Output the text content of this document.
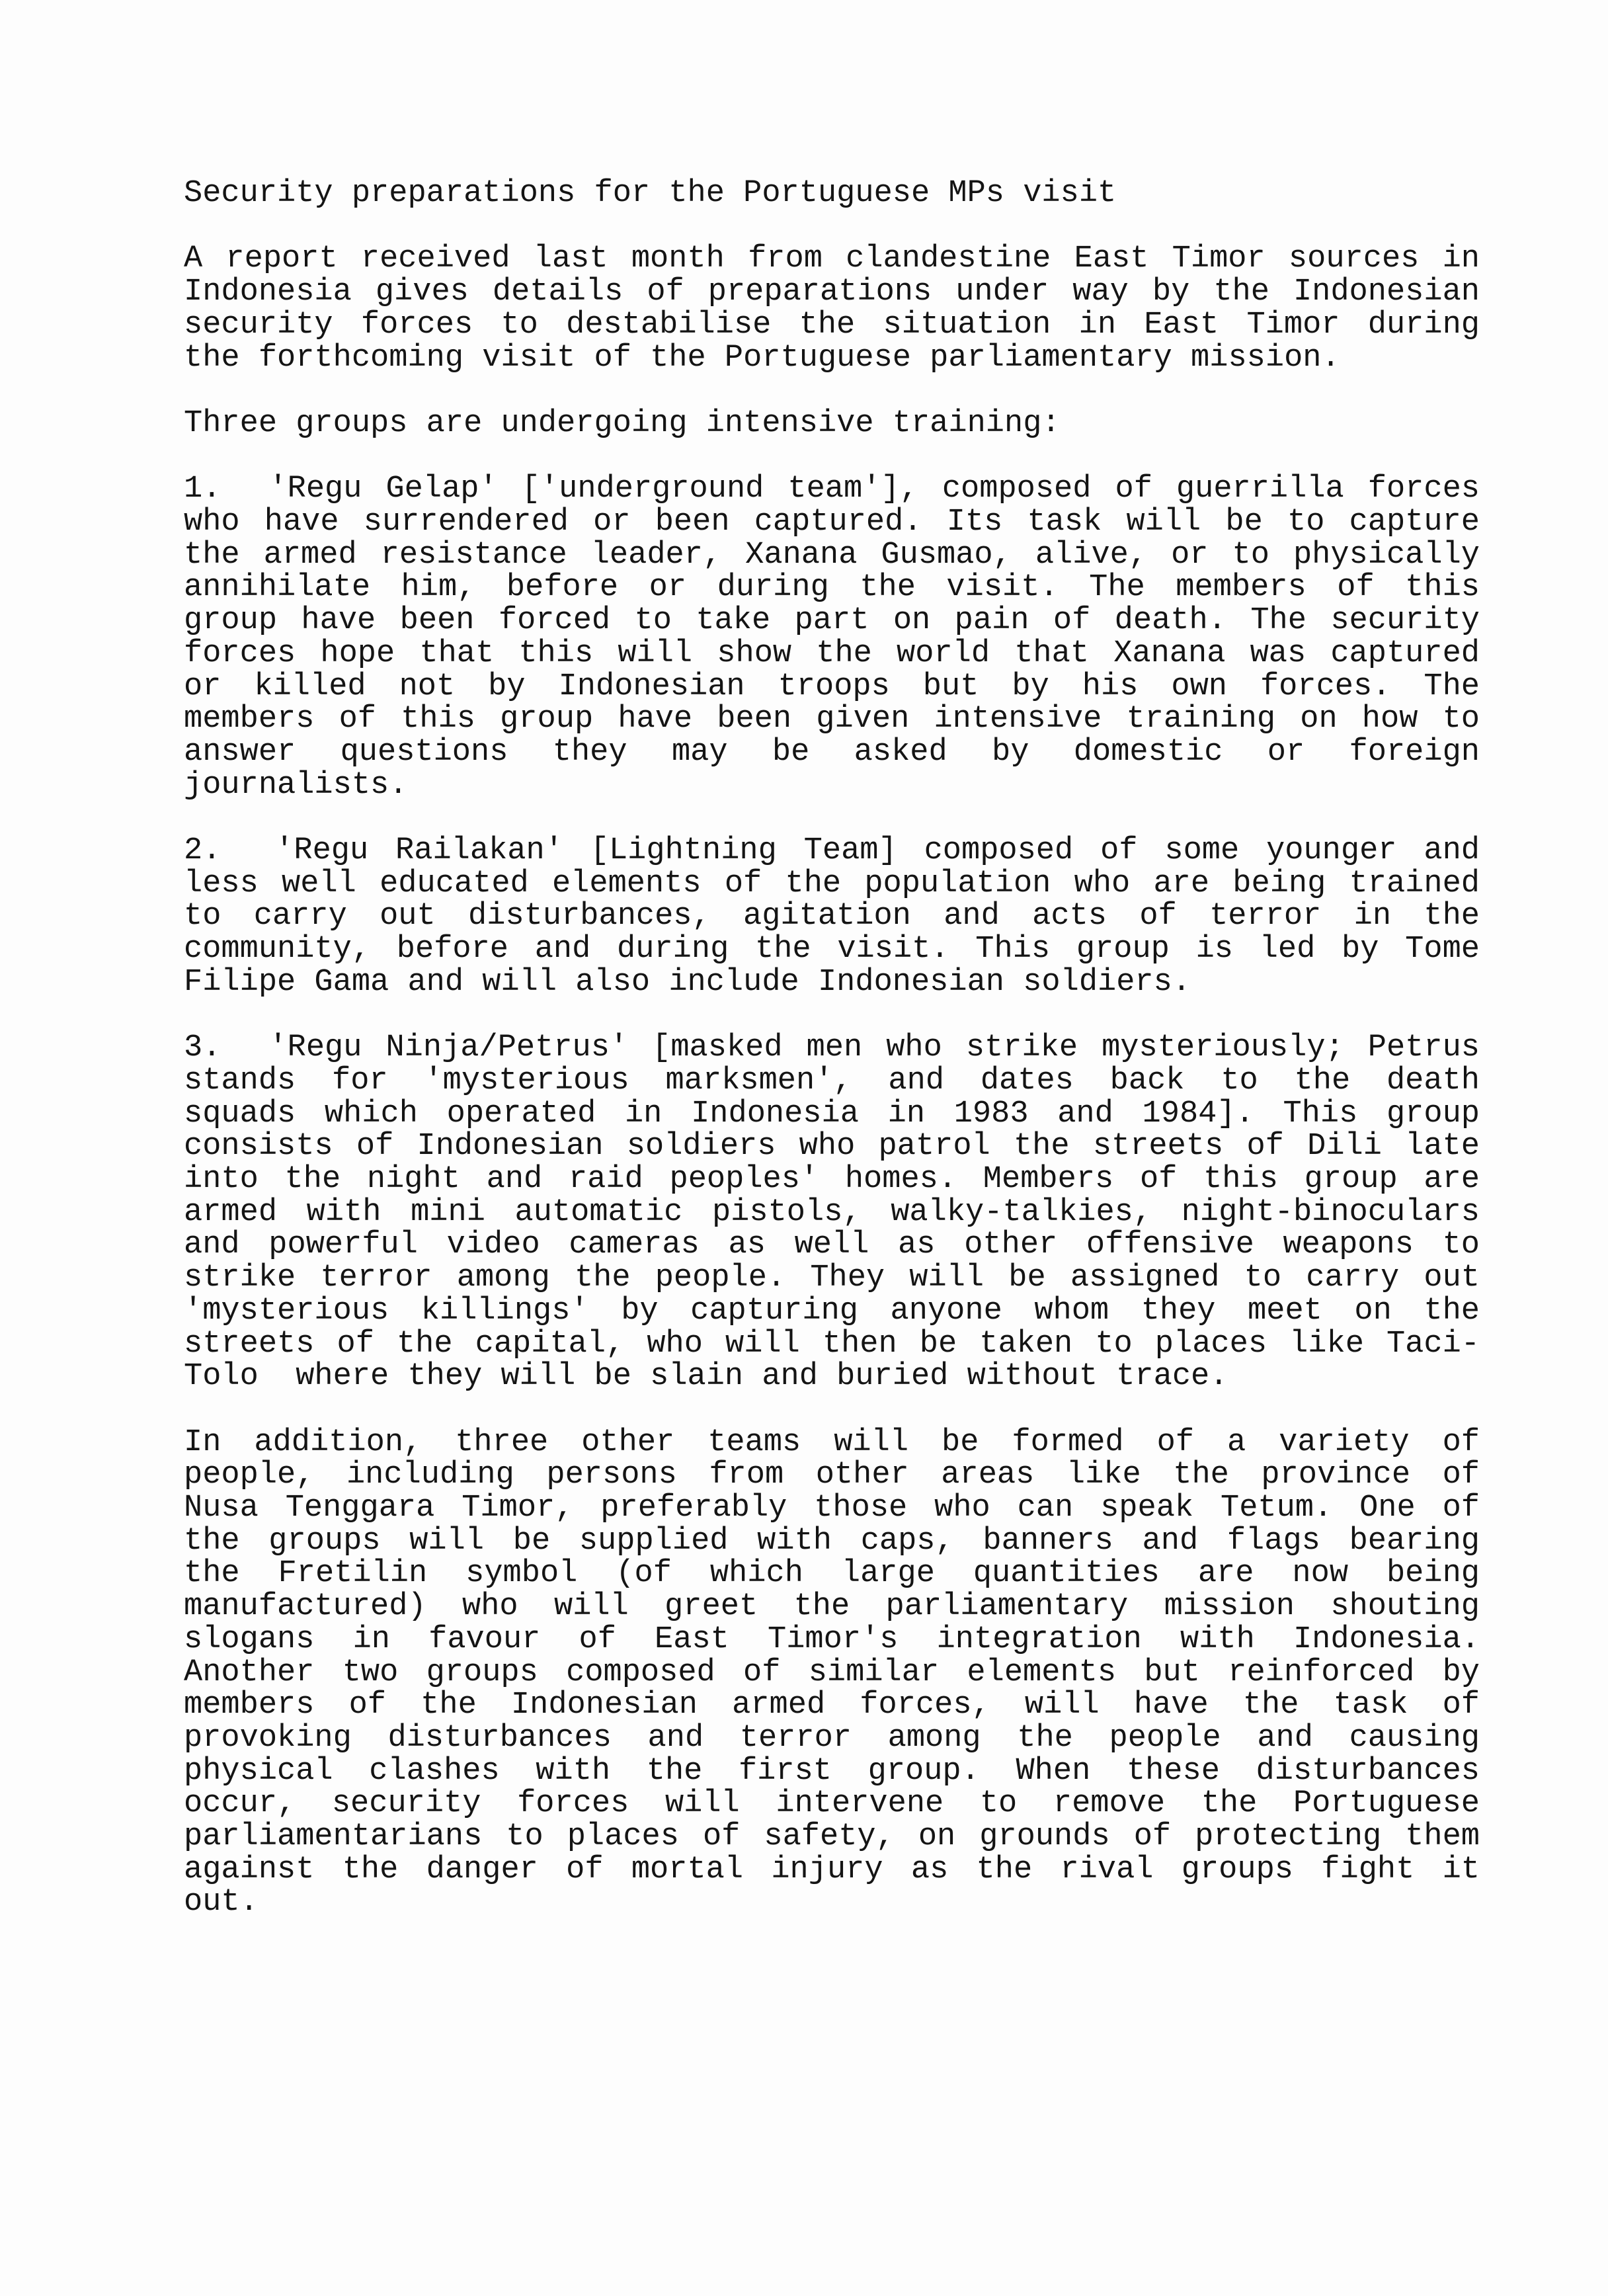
Security preparations for the Portuguese MPs visit
A report received last month from clandestine East Timor sources in
Indonesia gives details of preparations under way by the Indonesian
security forces to destabilise the situation in East Timor during
the forthcoming visit of the Portuguese parliamentary mission.
Three groups are undergoing intensive training:
1.  'Regu Gelap' ['underground team'], composed of guerrilla forces
who have surrendered or been captured. Its task will be to capture
the armed resistance leader, Xanana Gusmao, alive, or to physically
annihilate him, before or during the visit. The members of this
group have been forced to take part on pain of death. The security
forces hope that this will show the world that Xanana was captured
or killed not by Indonesian troops but by his own forces. The
members of this group have been given intensive training on how to
answer questions they may be asked by domestic or foreign
journalists.
2.  'Regu Railakan' [Lightning Team] composed of some younger and
less well educated elements of the population who are being trained
to carry out disturbances, agitation and acts of terror in the
community, before and during the visit. This group is led by Tome
Filipe Gama and will also include Indonesian soldiers.
3.  'Regu Ninja/Petrus' [masked men who strike mysteriously; Petrus
stands for 'mysterious marksmen', and dates back to the death
squads which operated in Indonesia in 1983 and 1984]. This group
consists of Indonesian soldiers who patrol the streets of Dili late
into the night and raid peoples' homes. Members of this group are
armed with mini automatic pistols, walky-talkies, night-binoculars
and powerful video cameras as well as other offensive weapons to
strike terror among the people. They will be assigned to carry out
'mysterious killings' by capturing anyone whom they meet on the
streets of the capital, who will then be taken to places like Taci-
Tolo  where they will be slain and buried without trace.
In addition, three other teams will be formed of a variety of
people, including persons from other areas like the province of
Nusa Tenggara Timor, preferably those who can speak Tetum. One of
the groups will be supplied with caps, banners and flags bearing
the Fretilin symbol (of which large quantities are now being
manufactured) who will greet the parliamentary mission shouting
slogans in favour of East Timor's integration with Indonesia.
Another two groups composed of similar elements but reinforced by
members of the Indonesian armed forces, will have the task of
provoking disturbances and terror among the people and causing
physical clashes with the first group. When these disturbances
occur, security forces will intervene to remove the Portuguese
parliamentarians to places of safety, on grounds of protecting them
against the danger of mortal injury as the rival groups fight it
out.
